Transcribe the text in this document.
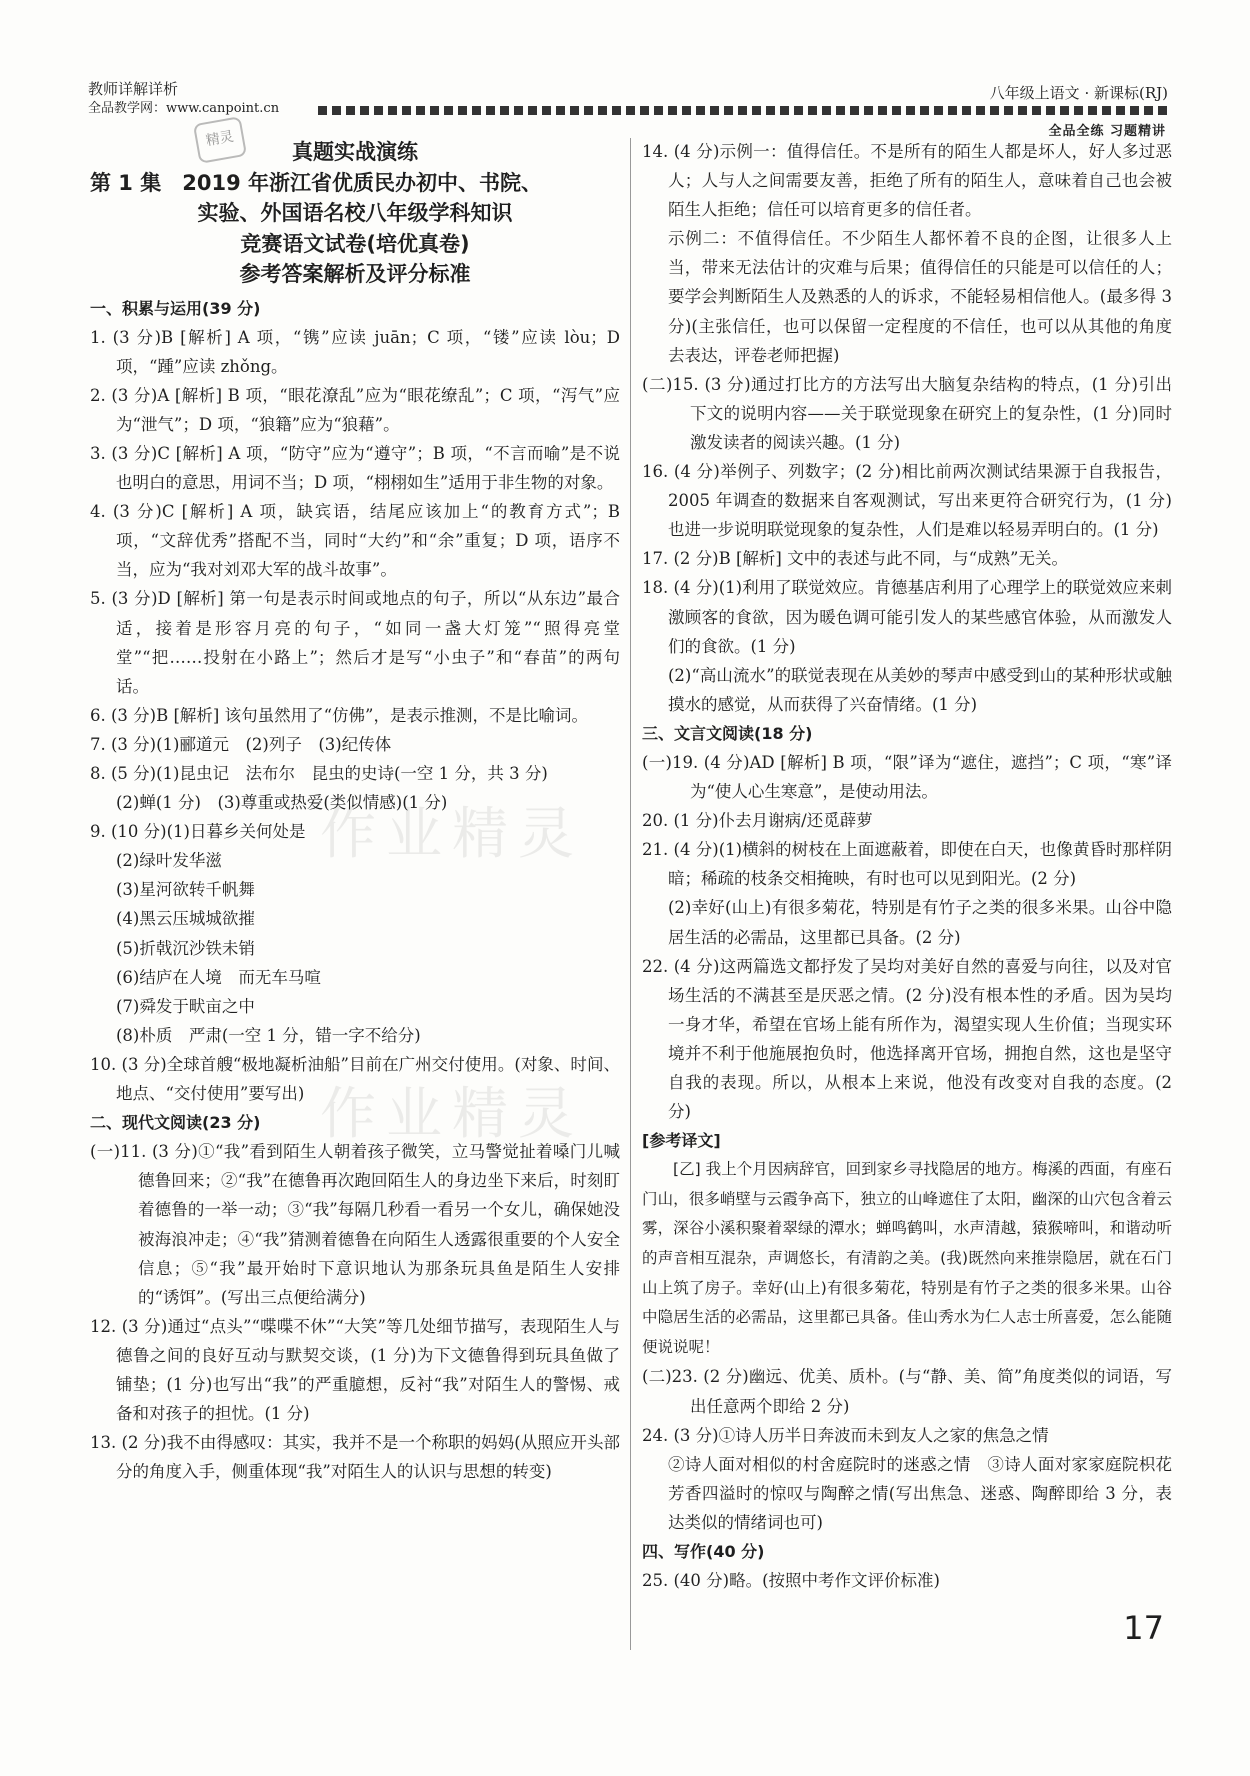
教师详解详析
全品教学网：www.canpoint.cn
精灵
八年级上语文 · 新课标(RJ)
全品全练 习题精讲
作业精灵
作业精灵
真题实战演练
第 1 集　2019 年浙江省优质民办初中、书院、
实验、外国语名校八年级学科知识
竞赛语文试卷(培优真卷)
参考答案解析及评分标准
一、积累与运用(39 分)
1. (3 分)B [解析] A 项，“镌”应读 juān；C 项，“镂”应读 lòu；D 项，“踵”应读 zhǒng。
2. (3 分)A [解析] B 项，“眼花潦乱”应为“眼花缭乱”；C 项，“泻气”应为“泄气”；D 项，“狼籍”应为“狼藉”。
3. (3 分)C [解析] A 项，“防守”应为“遵守”；B 项，“不言而喻”是不说也明白的意思，用词不当；D 项，“栩栩如生”适用于非生物的对象。
4. (3 分)C [解析] A 项，缺宾语，结尾应该加上“的教育方式”；B 项，“文辞优秀”搭配不当，同时“大约”和“余”重复；D 项，语序不当，应为“我对刘邓大军的战斗故事”。
5. (3 分)D [解析] 第一句是表示时间或地点的句子，所以“从东边”最合适，接着是形容月亮的句子，“如同一盏大灯笼”“照得亮堂堂”“把……投射在小路上”；然后才是写“小虫子”和“春苗”的两句话。
6. (3 分)B [解析] 该句虽然用了“仿佛”，是表示推测，不是比喻词。
7. (3 分)(1)郦道元　(2)列子　(3)纪传体
8. (5 分)(1)昆虫记　法布尔　昆虫的史诗(一空 1 分，共 3 分)
(2)蝉(1 分)　(3)尊重或热爱(类似情感)(1 分)
9. (10 分)(1)日暮乡关何处是
(2)绿叶发华滋
(3)星河欲转千帆舞
(4)黑云压城城欲摧
(5)折戟沉沙铁未销
(6)结庐在人境　而无车马喧
(7)舜发于畎亩之中
(8)朴质　严肃(一空 1 分，错一字不给分)
10. (3 分)全球首艘“极地凝析油船”目前在广州交付使用。(对象、时间、地点、“交付使用”要写出)
二、现代文阅读(23 分)
(一)11. (3 分)①“我”看到陌生人朝着孩子微笑，立马警觉扯着嗓门儿喊德鲁回来；②“我”在德鲁再次跑回陌生人的身边坐下来后，时刻盯着德鲁的一举一动；③“我”每隔几秒看一看另一个女儿，确保她没被海浪冲走；④“我”猜测着德鲁在向陌生人透露很重要的个人安全信息；⑤“我”最开始时下意识地认为那条玩具鱼是陌生人安排的“诱饵”。(写出三点便给满分)
12. (3 分)通过“点头”“喋喋不休”“大笑”等几处细节描写，表现陌生人与德鲁之间的良好互动与默契交谈，(1 分)为下文德鲁得到玩具鱼做了铺垫；(1 分)也写出“我”的严重臆想，反衬“我”对陌生人的警惕、戒备和对孩子的担忧。(1 分)
13. (2 分)我不由得感叹：其实，我并不是一个称职的妈妈(从照应开头部分的角度入手，侧重体现“我”对陌生人的认识与思想的转变)
14. (4 分)示例一：值得信任。不是所有的陌生人都是坏人，好人多过恶人；人与人之间需要友善，拒绝了所有的陌生人，意味着自己也会被陌生人拒绝；信任可以培育更多的信任者。
示例二：不值得信任。不少陌生人都怀着不良的企图，让很多人上当，带来无法估计的灾难与后果；值得信任的只能是可以信任的人；要学会判断陌生人及熟悉的人的诉求，不能轻易相信他人。(最多得 3 分)(主张信任，也可以保留一定程度的不信任，也可以从其他的角度去表达，评卷老师把握)
(二)15. (3 分)通过打比方的方法写出大脑复杂结构的特点，(1 分)引出下文的说明内容——关于联觉现象在研究上的复杂性，(1 分)同时激发读者的阅读兴趣。(1 分)
16. (4 分)举例子、列数字；(2 分)相比前两次测试结果源于自我报告，2005 年调查的数据来自客观测试，写出来更符合研究行为，(1 分)也进一步说明联觉现象的复杂性，人们是难以轻易弄明白的。(1 分)
17. (2 分)B [解析] 文中的表述与此不同，与“成熟”无关。
18. (4 分)(1)利用了联觉效应。肯德基店利用了心理学上的联觉效应来刺激顾客的食欲，因为暖色调可能引发人的某些感官体验，从而激发人们的食欲。(1 分)
(2)“高山流水”的联觉表现在从美妙的琴声中感受到山的某种形状或触摸水的感觉，从而获得了兴奋情绪。(1 分)
三、文言文阅读(18 分)
(一)19. (4 分)AD [解析] B 项，“限”译为“遮住，遮挡”；C 项，“寒”译为“使人心生寒意”，是使动用法。
20. (1 分)仆去月谢病/还觅薜萝
21. (4 分)(1)横斜的树枝在上面遮蔽着，即使在白天，也像黄昏时那样阴暗；稀疏的枝条交相掩映，有时也可以见到阳光。(2 分)
(2)幸好(山上)有很多菊花，特别是有竹子之类的很多米果。山谷中隐居生活的必需品，这里都已具备。(2 分)
22. (4 分)这两篇选文都抒发了吴均对美好自然的喜爱与向往，以及对官场生活的不满甚至是厌恶之情。(2 分)没有根本性的矛盾。因为吴均一身才华，希望在官场上能有所作为，渴望实现人生价值；当现实环境并不利于他施展抱负时，他选择离开官场，拥抱自然，这也是坚守自我的表现。所以，从根本上来说，他没有改变对自我的态度。(2 分)
[参考译文]
[乙] 我上个月因病辞官，回到家乡寻找隐居的地方。梅溪的西面，有座石门山，很多峭壁与云霞争高下，独立的山峰遮住了太阳，幽深的山穴包含着云雾，深谷小溪积聚着翠绿的潭水；蝉鸣鹤叫，水声清越，猿猴啼叫，和谐动听的声音相互混杂，声调悠长，有清韵之美。(我)既然向来推崇隐居，就在石门山上筑了房子。幸好(山上)有很多菊花，特别是有竹子之类的很多米果。山谷中隐居生活的必需品，这里都已具备。佳山秀水为仁人志士所喜爱，怎么能随便说说呢！
(二)23. (2 分)幽远、优美、质朴。(与“静、美、简”角度类似的词语，写出任意两个即给 2 分)
24. (3 分)①诗人历半日奔波而未到友人之家的焦急之情
②诗人面对相似的村舍庭院时的迷惑之情　③诗人面对家家庭院枳花芳香四溢时的惊叹与陶醉之情(写出焦急、迷惑、陶醉即给 3 分，表达类似的情绪词也可)
四、写作(40 分)
25. (40 分)略。(按照中考作文评价标准)
17
